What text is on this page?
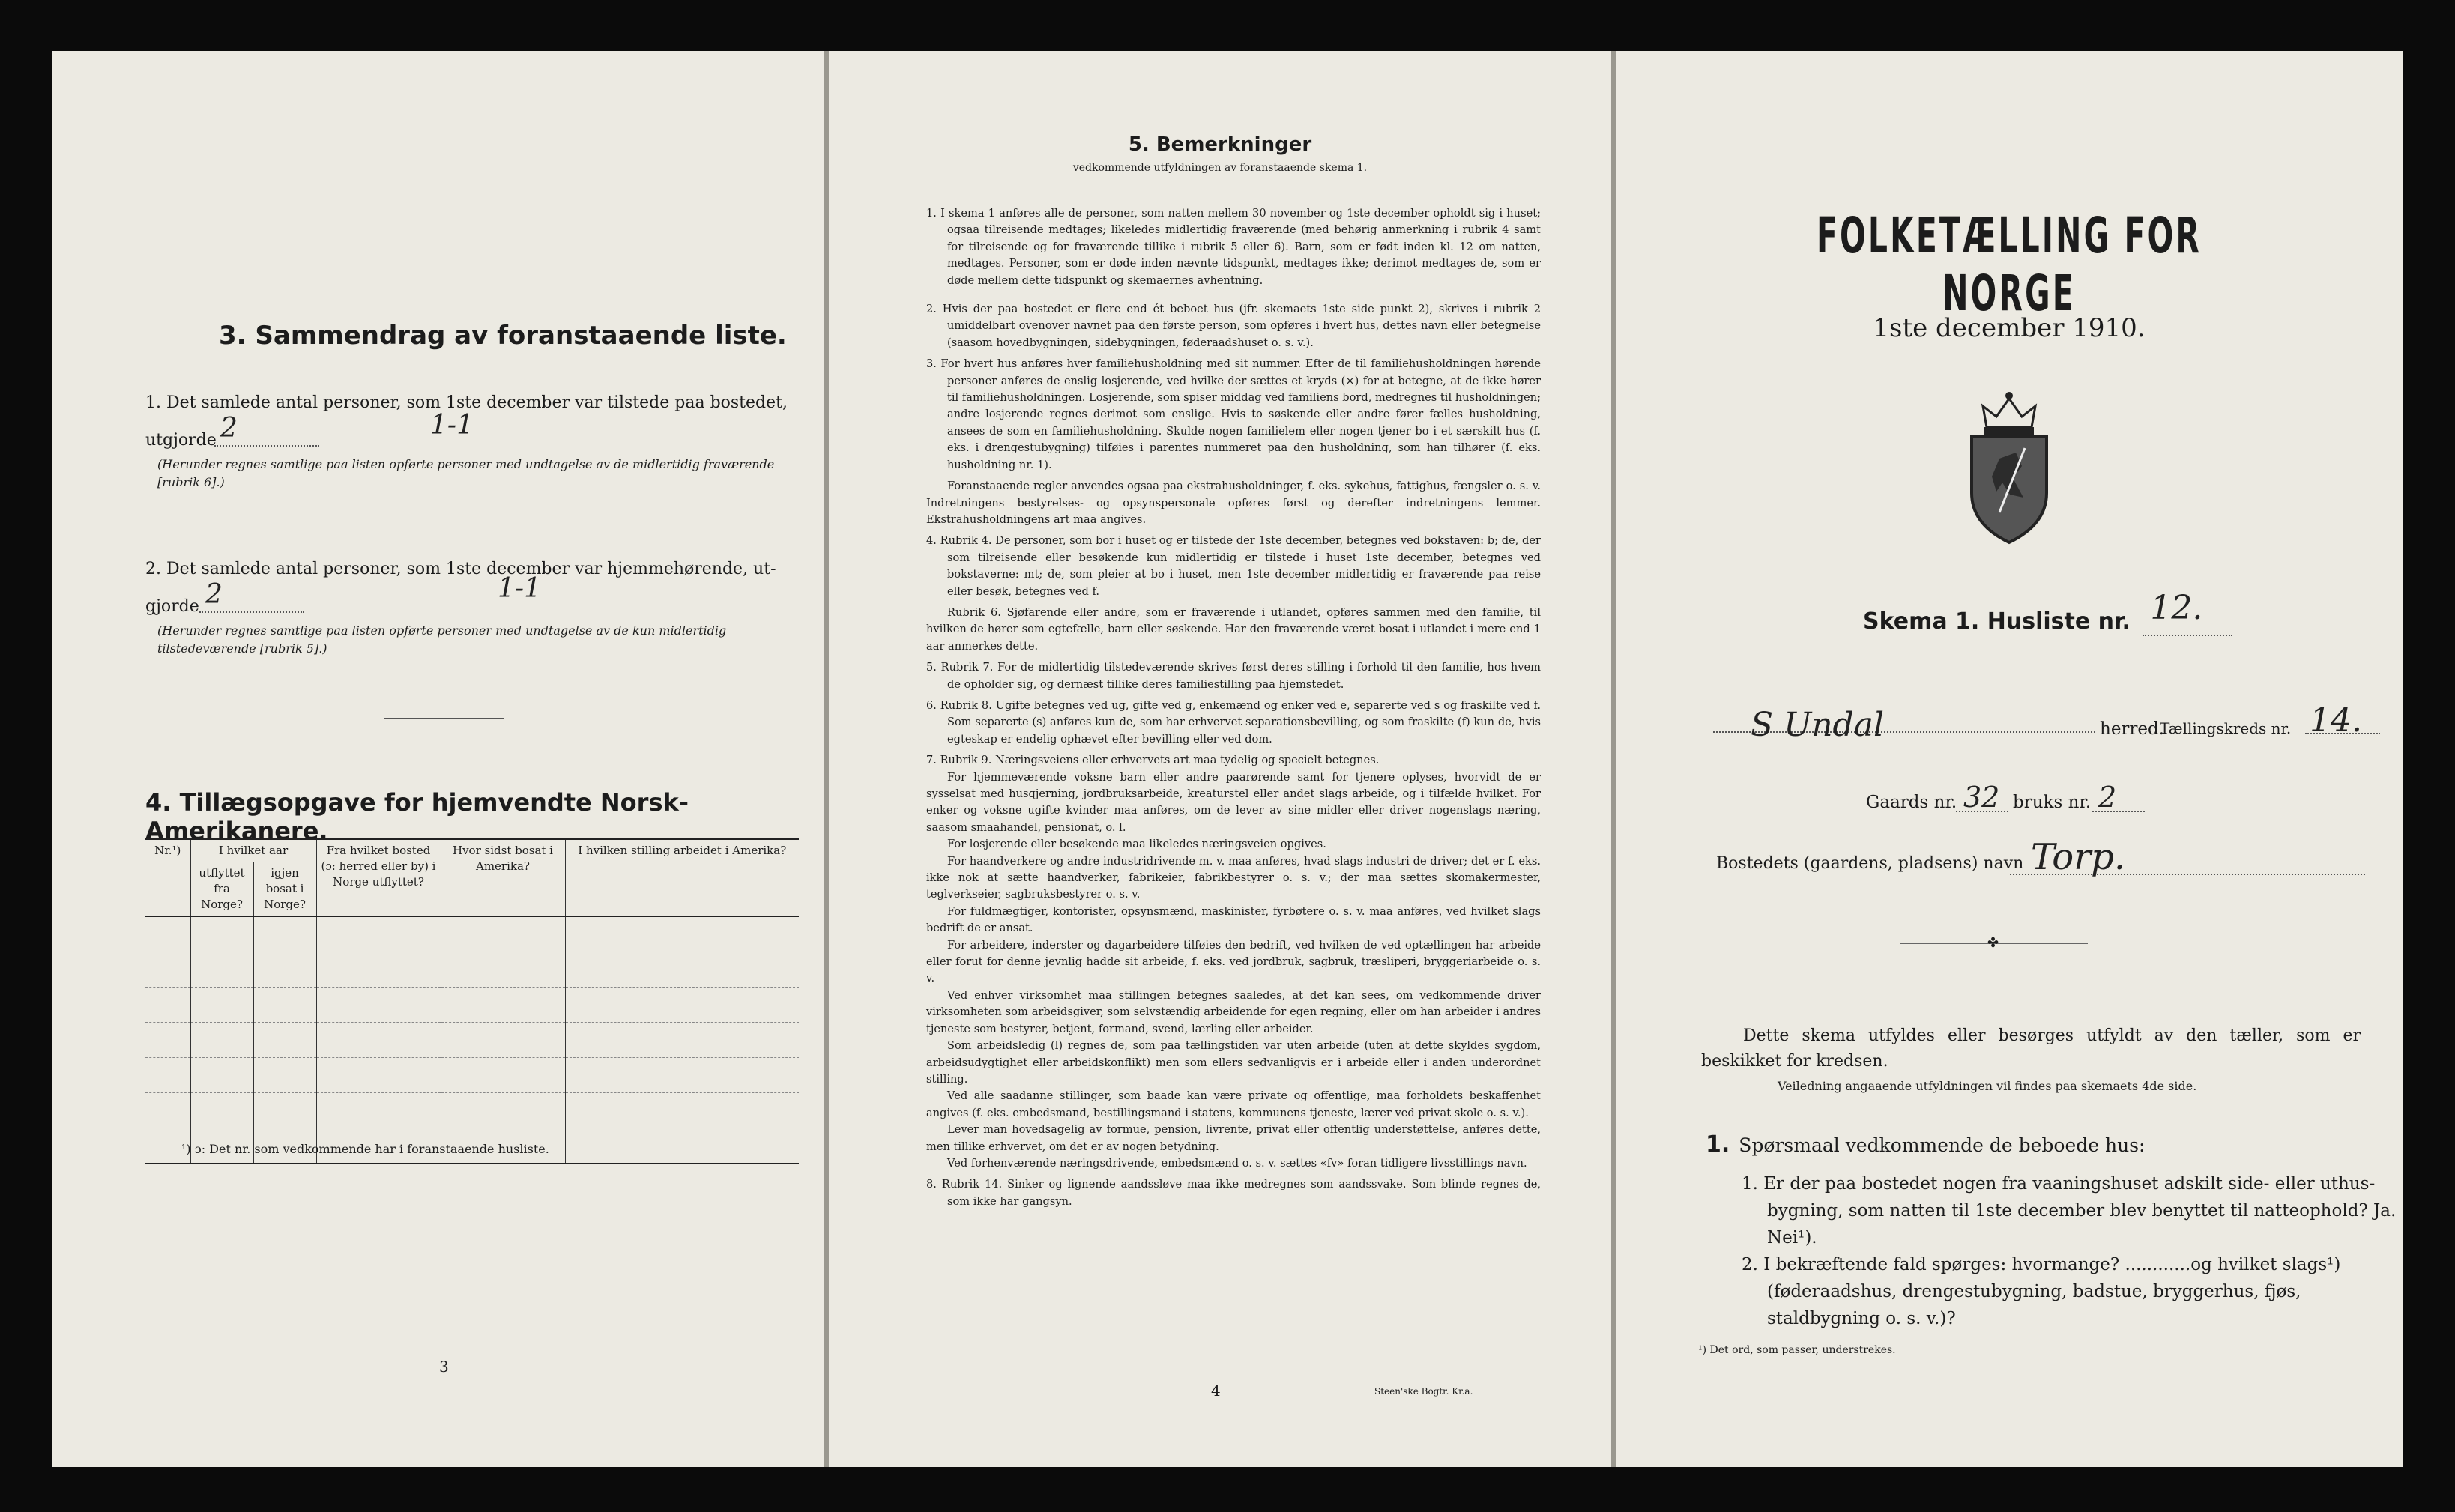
3. Sammendrag av foranstaaende liste.
1. Det samlede antal personer, som 1ste december var tilstede paa bostedet,
utgjorde 2	1-1
(Herunder regnes samtlige paa listen opførte personer med undtagelse av de midlertidig fraværende [rubrik 6].)
2. Det samlede antal personer, som 1ste december var hjemmehørende, ut-
gjorde 2	1-1
(Herunder regnes samtlige paa listen opførte personer med undtagelse av de kun midlertidig tilstedeværende [rubrik 5].)
4. Tillægsopgave for hjemvendte Norsk-Amerikanere.
Nr.¹)	I hvilket aar		Fra hvilket bosted (ɔ: herred eller by) i Norge utflyttet?	Hvor sidst bosat i Amerika?	I hvilken stilling arbeidet i Amerika?
	utflyttet fra Norge?	igjen bosat i Norge?			

¹) ɔ: Det nr. som vedkommende har i foranstaaende husliste.
3
5. Bemerkninger
vedkommende utfyldningen av foranstaaende skema 1.

1. I skema 1 anføres alle de personer, som natten mellem 30 november og 1ste december opholdt sig i huset; ogsaa tilreisende medtages; likeledes midlertidig fraværende (med behørig anmerkning i rubrik 4 samt for tilreisende og for fraværende tillike i rubrik 5 eller 6). Barn, som er født inden kl. 12 om natten, medtages. Personer, som er døde inden nævnte tidspunkt, medtages ikke; derimot medtages de, som er døde mellem dette tidspunkt og skemaernes avhentning.

2. Hvis der paa bostedet er flere end ét beboet hus (jfr. skemaets 1ste side punkt 2), skrives i rubrik 2 umiddelbart ovenover navnet paa den første person, som opføres i hvert hus, dettes navn eller betegnelse (saasom hovedbygningen, sidebygningen, føderaadshuset o. s. v.).

3. For hvert hus anføres hver familiehusholdning med sit nummer. Efter de til familiehusholdningen hørende personer anføres de enslig losjerende, ved hvilke der sættes et kryds (×) for at betegne, at de ikke hører til familiehusholdningen. Losjerende, som spiser middag ved familiens bord, medregnes til husholdningen; andre losjerende regnes derimot som enslige. Hvis to søskende eller andre fører fælles husholdning, ansees de som en familiehusholdning. Skulde nogen familielem eller nogen tjener bo i et særskilt hus (f. eks. i drengestubygning) tilføies i parentes nummeret paa den husholdning, som han tilhører (f. eks. husholdning nr. 1).

Foranstaaende regler anvendes ogsaa paa ekstrahusholdninger, f. eks. sykehus, fattighus, fængsler o. s. v. Indretningens bestyrelses- og opsynspersonale opføres først og derefter indretningens lemmer. Ekstrahusholdningens art maa angives.

4. Rubrik 4. De personer, som bor i huset og er tilstede der 1ste december, betegnes ved bokstaven: b; de, der som tilreisende eller besøkende kun midlertidig er tilstede i huset 1ste december, betegnes ved bokstaverne: mt; de, som pleier at bo i huset, men 1ste december midlertidig er fraværende paa reise eller besøk, betegnes ved f.

Rubrik 6. Sjøfarende eller andre, som er fraværende i utlandet, opføres sammen med den familie, til hvilken de hører som egtefælle, barn eller søskende. Har den fraværende været bosat i utlandet i mere end 1 aar anmerkes dette.

5. Rubrik 7. For de midlertidig tilstedeværende skrives først deres stilling i forhold til den familie, hos hvem de opholder sig, og dernæst tillike deres familiestilling paa hjemstedet.

6. Rubrik 8. Ugifte betegnes ved ug, gifte ved g, enkemænd og enker ved e, separerte ved s og fraskilte ved f. Som separerte (s) anføres kun de, som har erhvervet separationsbevilling, og som fraskilte (f) kun de, hvis egteskap er endelig ophævet efter bevilling eller ved dom.

7. Rubrik 9. Næringsveiens eller erhvervets art maa tydelig og specielt betegnes.

For hjemmeværende voksne barn eller andre paarørende samt for tjenere oplyses, hvorvidt de er sysselsat med husgjerning, jordbruksarbeide, kreaturstel eller andet slags arbeide, og i tilfælde hvilket. For enker og voksne ugifte kvinder maa anføres, om de lever av sine midler eller driver nogenslags næring, saasom smaahandel, pensionat, o. l.

For losjerende eller besøkende maa likeledes næringsveien opgives.

For haandverkere og andre industridrivende m. v. maa anføres, hvad slags industri de driver; det er f. eks. ikke nok at sætte haandverker, fabrikeier, fabrikbestyrer o. s. v.; der maa sættes skomakermester, teglverkseier, sagbruksbestyrer o. s. v.

For fuldmægtiger, kontorister, opsynsmænd, maskinister, fyrbøtere o. s. v. maa anføres, ved hvilket slags bedrift de er ansat.

For arbeidere, inderster og dagarbeidere tilføies den bedrift, ved hvilken de ved optællingen har arbeide eller forut for denne jevnlig hadde sit arbeide, f. eks. ved jordbruk, sagbruk, træsliperi, bryggeriarbeide o. s. v.

Ved enhver virksomhet maa stillingen betegnes saaledes, at det kan sees, om vedkommende driver virksomheten som arbeidsgiver, som selvstændig arbeidende for egen regning, eller om han arbeider i andres tjeneste som bestyrer, betjent, formand, svend, lærling eller arbeider.

Som arbeidsledig (l) regnes de, som paa tællingstiden var uten arbeide (uten at dette skyldes sygdom, arbeidsudygtighet eller arbeidskonflikt) men som ellers sedvanligvis er i arbeide eller i anden underordnet stilling.

Ved alle saadanne stillinger, som baade kan være private og offentlige, maa forholdets beskaffenhet angives (f. eks. embedsmand, bestillingsmand i statens, kommunens tjeneste, lærer ved privat skole o. s. v.).

Lever man hovedsagelig av formue, pension, livrente, privat eller offentlig understøttelse, anføres dette, men tillike erhvervet, om det er av nogen betydning.

Ved forhenværende næringsdrivende, embedsmænd o. s. v. sættes «fv» foran tidligere livsstillings navn.

8. Rubrik 14. Sinker og lignende aandssløve maa ikke medregnes som aandssvake. Som blinde regnes de, som ikke har gangsyn.

4	Steen'ske Bogtr. Kr.a.
FOLKETÆLLING FOR NORGE
1ste december 1910.
Skema 1. Husliste nr. 12.

S Undal	herred.
Tællingskreds nr. 14.
Gaards nr. 32 bruks nr. 2
Bostedets (gaardens, pladsens) navn Torp.
✤
Dette skema utfyldes eller besørges utfyldt av den tæller, som er beskikket for kredsen.
Veiledning angaaende utfyldningen vil findes paa skemaets 4de side.
1. Spørsmaal vedkommende de beboede hus:
1. Er der paa bostedet nogen fra vaaningshuset adskilt side- eller uthus-bygning, som natten til 1ste december blev benyttet til natteophold? Ja. Nei¹).
2. I bekræftende fald spørges: hvormange? ............og hvilket slags¹) (føderaadshus, drengestubygning, badstue, bryggerhus, fjøs, staldbygning o. s. v.)?
¹) Det ord, som passer, understrekes.
